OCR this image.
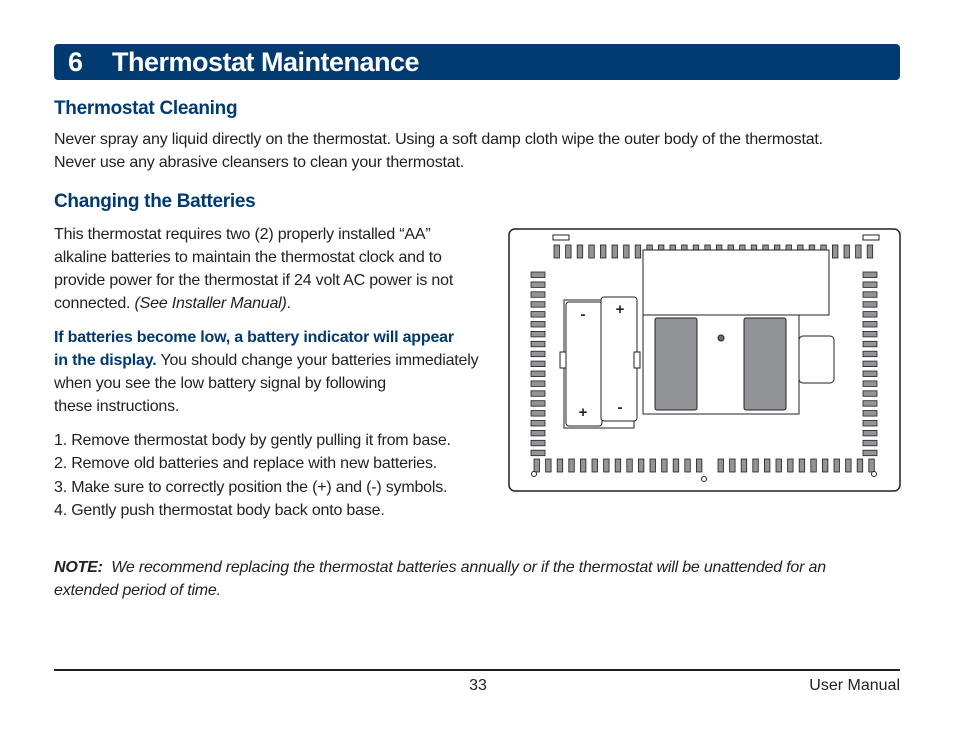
6	Thermostat Maintenance
Thermostat Cleaning
Never spray any liquid directly on the thermostat. Using a soft damp cloth wipe the outer body of the thermostat.
Never use any abrasive cleansers to clean your thermostat.
Changing the Batteries
This thermostat requires two (2) properly installed “AA”
alkaline batteries to maintain the thermostat clock and to
provide power for the thermostat if 24 volt AC power is not
connected. (See Installer Manual).
If batteries become low, a battery indicator will appear
in the display. You should change your batteries immediately
when you see the low battery signal by following
these instructions.
1. Remove thermostat body by gently pulling it from base.
2. Remove old batteries and replace with new batteries.
3. Make sure to correctly position the (+) and (-) symbols.
4. Gently push thermostat body back onto base.
-
+
+
-
NOTE: We recommend replacing the thermostat batteries annually or if the thermostat will be unattended for an extended period of time.
33	User Manual
